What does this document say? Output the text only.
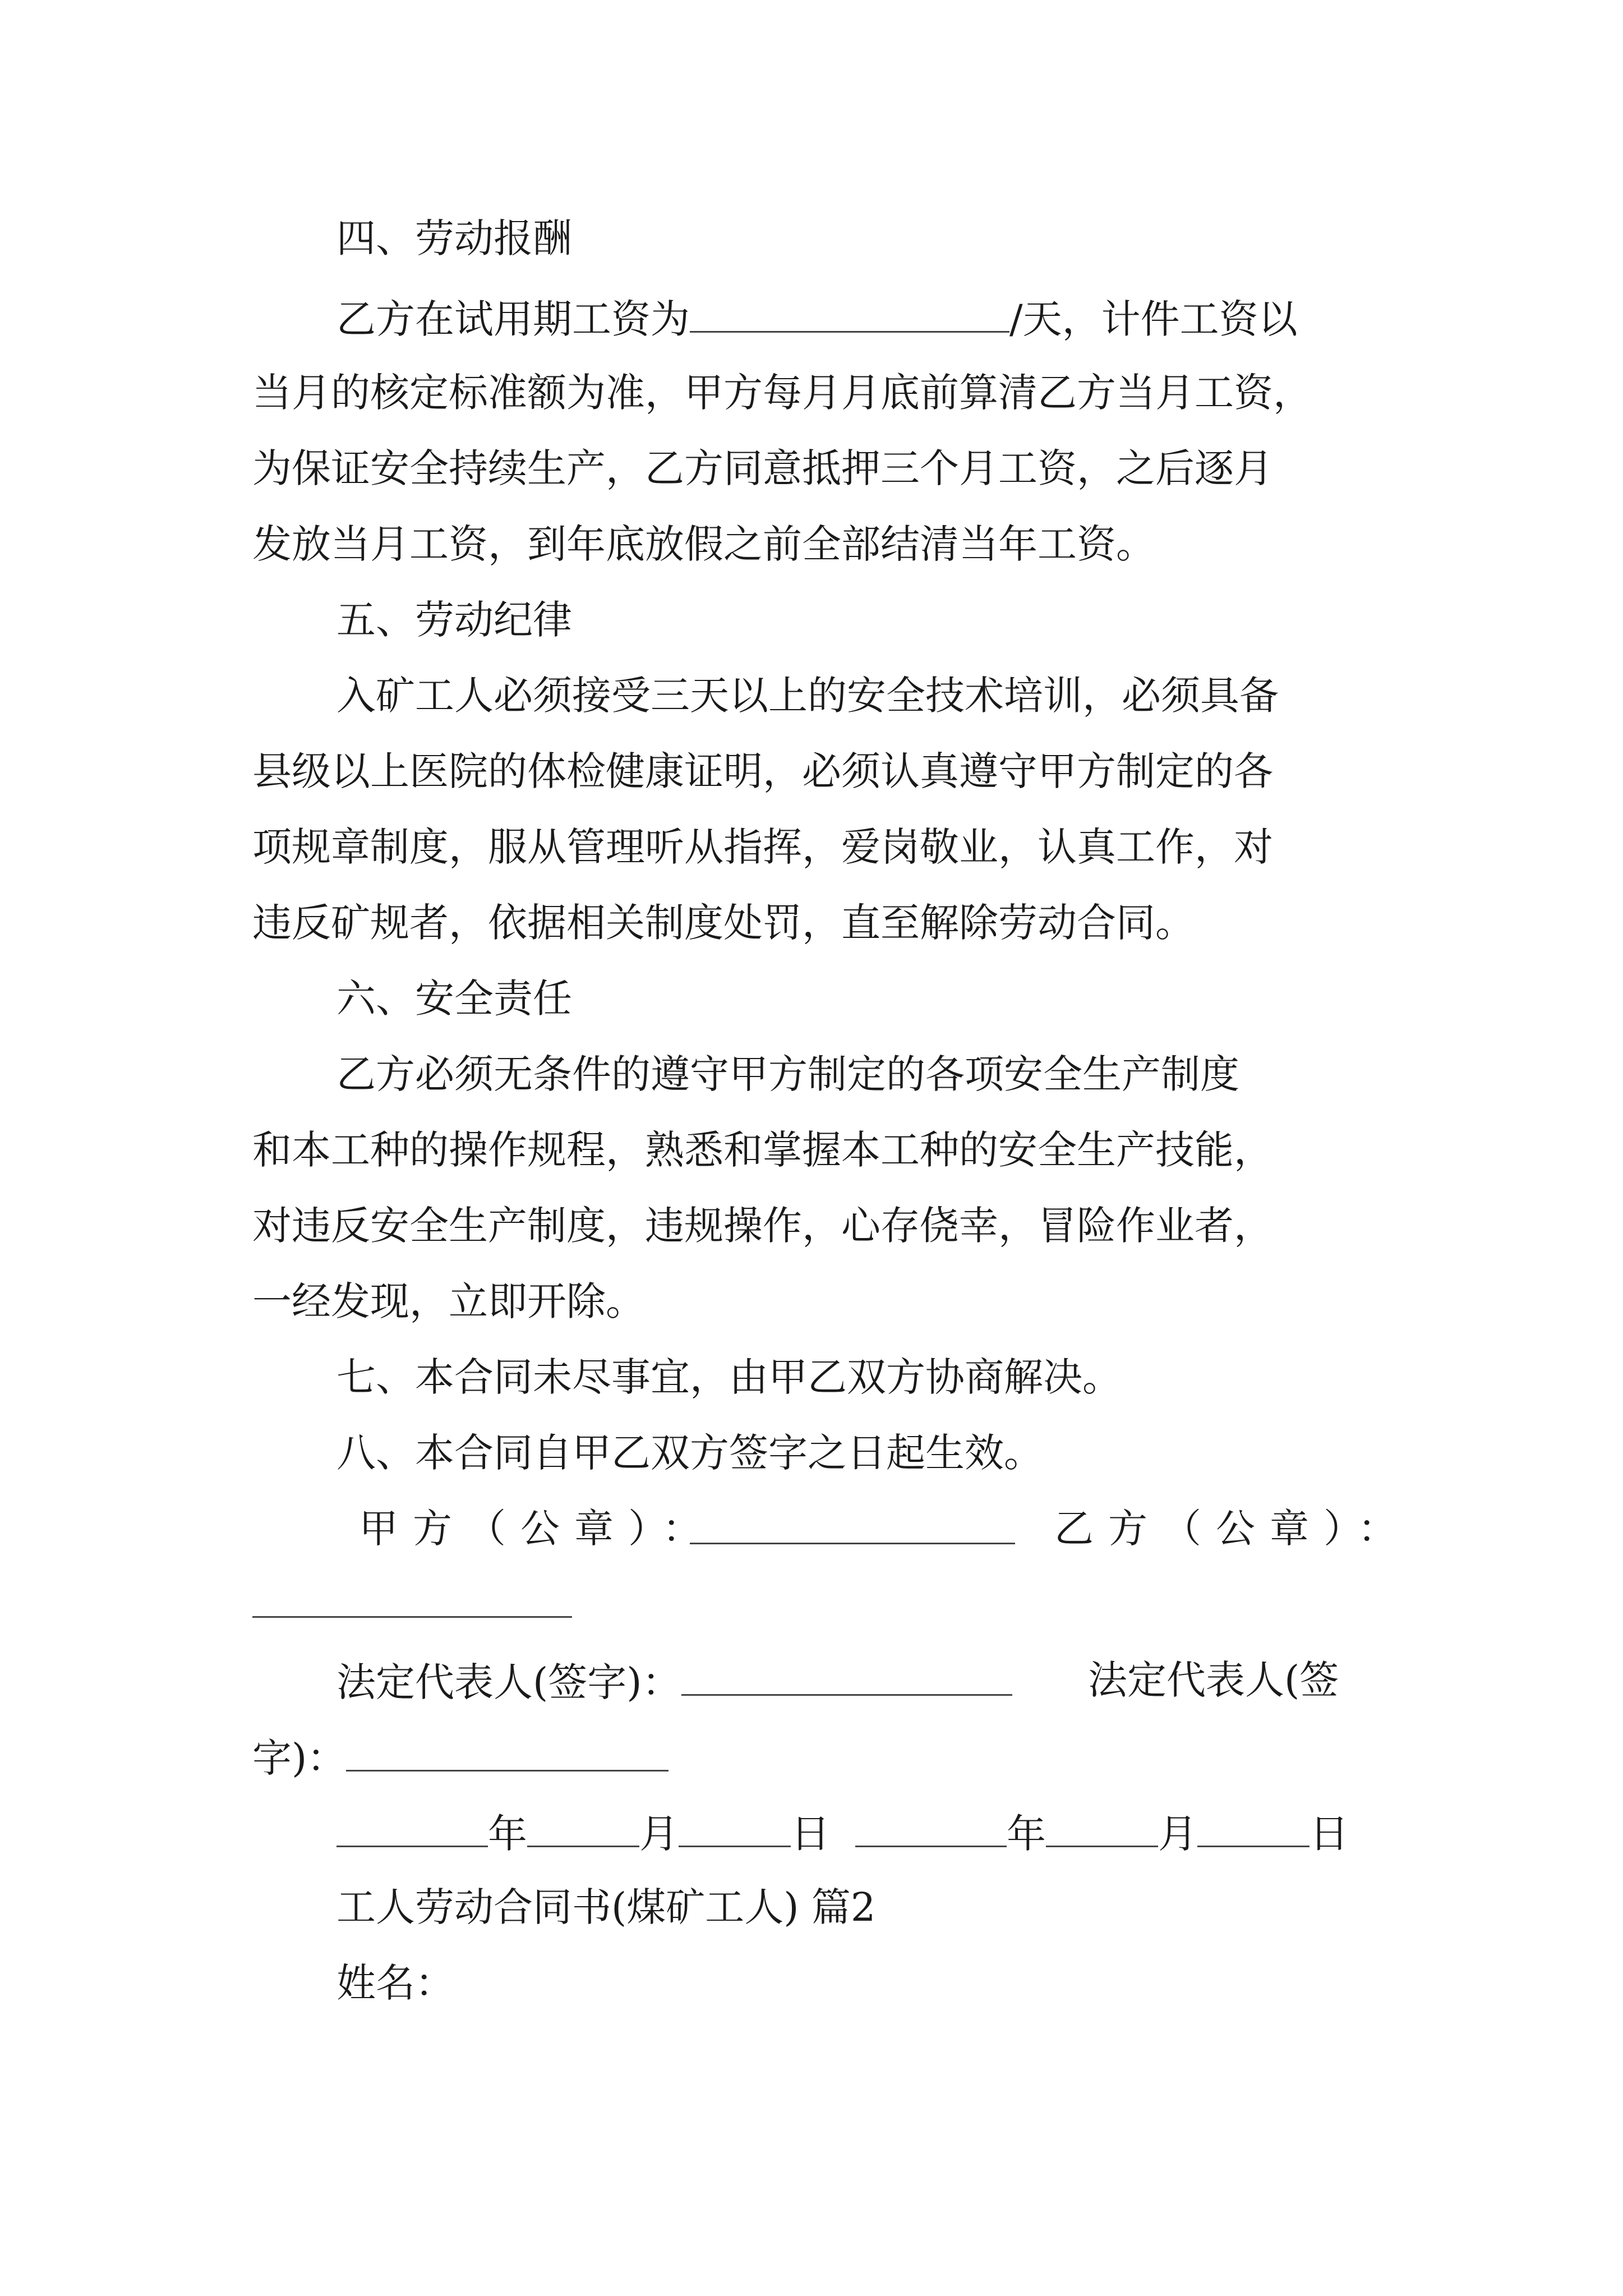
四、劳动报酬
乙方在试用期工资为	/天，计件工资以
当月的核定标准额为准，甲方每月月底前算清乙方当月工资，
为保证安全持续生产，乙方同意抵押三个月工资，之后逐月
发放当月工资，到年底放假之前全部结清当年工资。
五、劳动纪律
入矿工人必须接受三天以上的安全技术培训，必须具备
县级以上医院的体检健康证明，必须认真遵守甲方制定的各
项规章制度，服从管理听从指挥，爱岗敬业，认真工作，对
违反矿规者，依据相关制度处罚，直至解除劳动合同。
六、安全责任
乙方必须无条件的遵守甲方制定的各项安全生产制度
和本工种的操作规程，熟悉和掌握本工种的安全生产技能，
对违反安全生产制度，违规操作，心存侥幸，冒险作业者，
一经发现，立即开除。
七、本合同未尽事宜，由甲乙双方协商解决。
八、本合同自甲乙双方签字之日起生效。
甲方（公章）：	乙方（公章）：
法定代表人(签字)：	法定代表人(签
字)：
年	月	日	年	月	日
工人劳动合同书(煤矿工人) 篇2
姓名：
